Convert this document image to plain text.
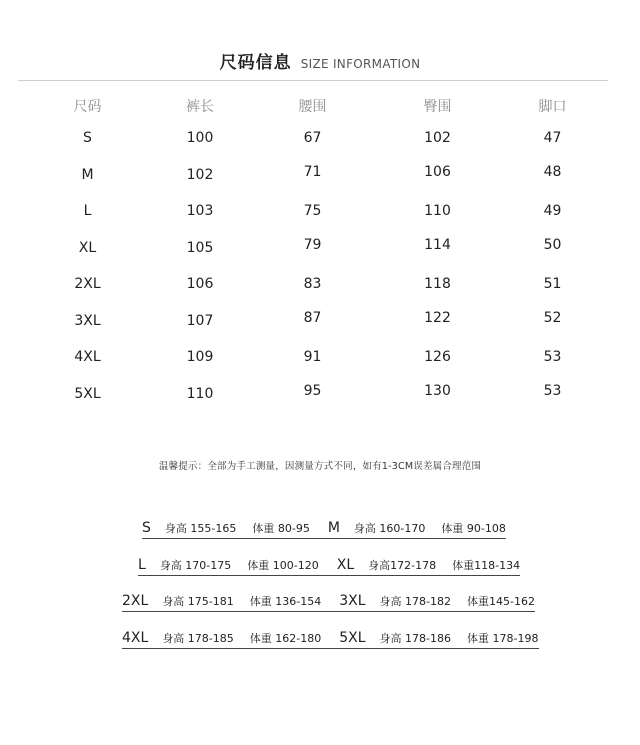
尺码信息 SIZE INFORMATION
尺码	裤长	腰围	臀围	脚口
S	100	67	102	47
M	102	71	106	48
L	103	75	110	49
XL	105	79	114	50
2XL	106	83	118	51
3XL	107	87	122	52
4XL	109	91	126	53
5XL	110	95	130	53
温馨提示：全部为手工测量，因测量方式不同，如有1-3CM误差属合理范围
S 身高 155-165 体重 80-95 M 身高 160-170 体重 90-108
L 身高 170-175 体重 100-120 XL 身高172-178 体重118-134
2XL 身高 175-181 体重 136-154 3XL 身高 178-182 体重145-162
4XL 身高 178-185 体重 162-180 5XL 身高 178-186 体重 178-198
